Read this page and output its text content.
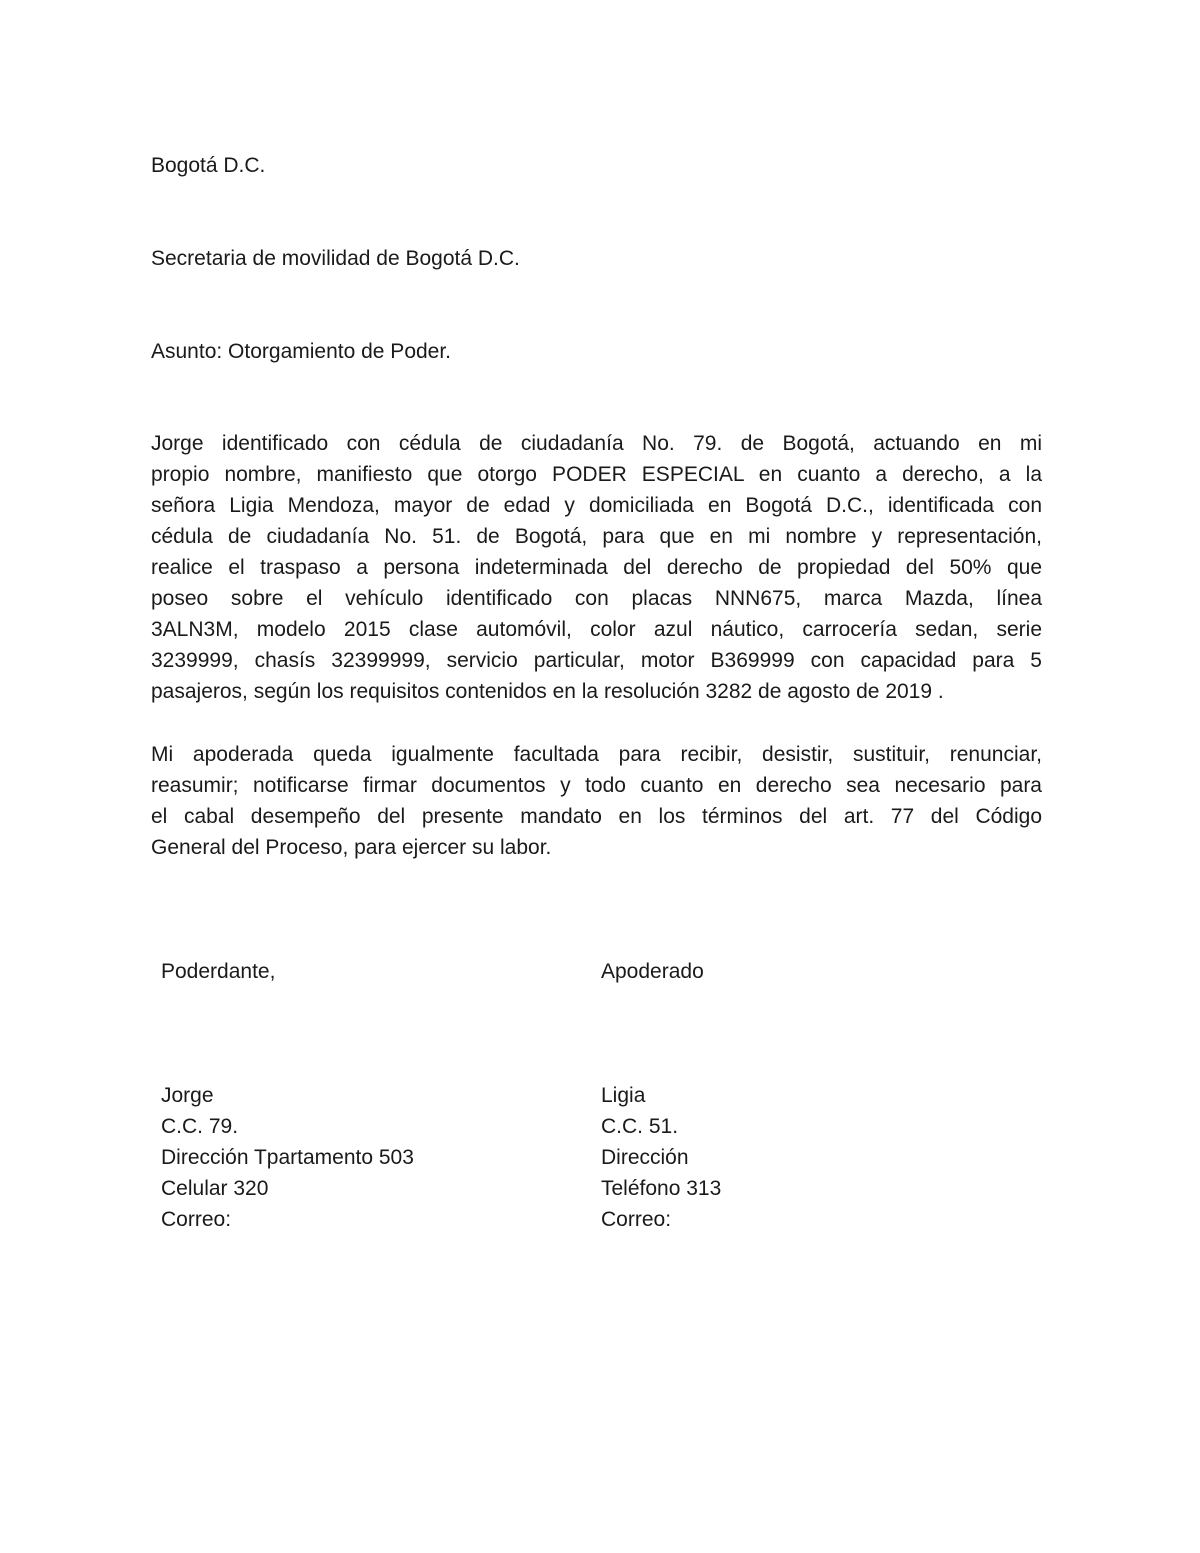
Bogotá D.C.
Secretaria de movilidad de Bogotá D.C.
Asunto: Otorgamiento de Poder.
Jorge identificado con cédula de ciudadanía No. 79. de Bogotá, actuando en mi
propio nombre, manifiesto que otorgo PODER ESPECIAL en cuanto a derecho, a la
señora Ligia Mendoza, mayor de edad y domiciliada en Bogotá D.C., identificada con
cédula de ciudadanía No. 51. de Bogotá, para que en mi nombre y representación,
realice el traspaso a persona indeterminada del derecho de propiedad del 50% que
poseo sobre el vehículo identificado con placas NNN675, marca Mazda, línea
3ALN3M, modelo 2015 clase automóvil, color azul náutico, carrocería sedan, serie
3239999, chasís 32399999, servicio particular, motor B369999 con capacidad para 5
pasajeros, según los requisitos contenidos en la resolución 3282 de agosto de 2019 .
Mi apoderada queda igualmente facultada para recibir, desistir, sustituir, renunciar,
reasumir; notificarse firmar documentos y todo cuanto en derecho sea necesario para
el cabal desempeño del presente mandato en los términos del art. 77 del Código
General del Proceso, para ejercer su labor.
Poderdante,	Apoderado
Jorge
C.C. 79.
Dirección Tpartamento 503
Celular 320
Correo:
Ligia
C.C. 51.
Dirección
Teléfono 313
Correo:
